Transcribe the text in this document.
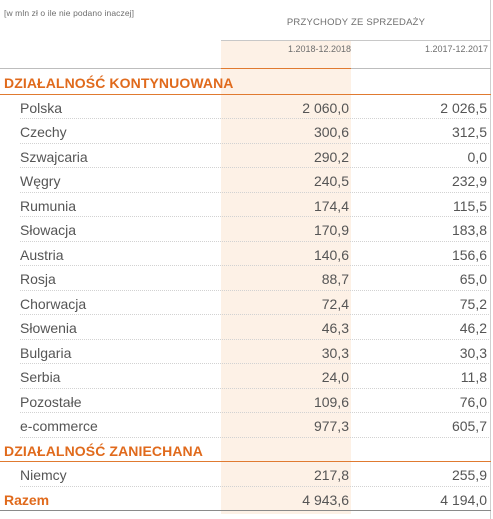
[w mln zł o ile nie podano inaczej]
PRZYCHODY ZE SPRZEDAŻY
1.2018-12.2018	1.2017-12.2017
DZIAŁALNOŚĆ KONTYNUOWANA
Polska	2 060,0	2 026,5
Czechy	300,6	312,5
Szwajcaria	290,2	0,0
Węgry	240,5	232,9
Rumunia	174,4	115,5
Słowacja	170,9	183,8
Austria	140,6	156,6
Rosja	88,7	65,0
Chorwacja	72,4	75,2
Słowenia	46,3	46,2
Bulgaria	30,3	30,3
Serbia	24,0	11,8
Pozostałe	109,6	76,0
e-commerce	977,3	605,7
DZIAŁALNOŚĆ ZANIECHANA
Niemcy	217,8	255,9
Razem	4 943,6	4 194,0
